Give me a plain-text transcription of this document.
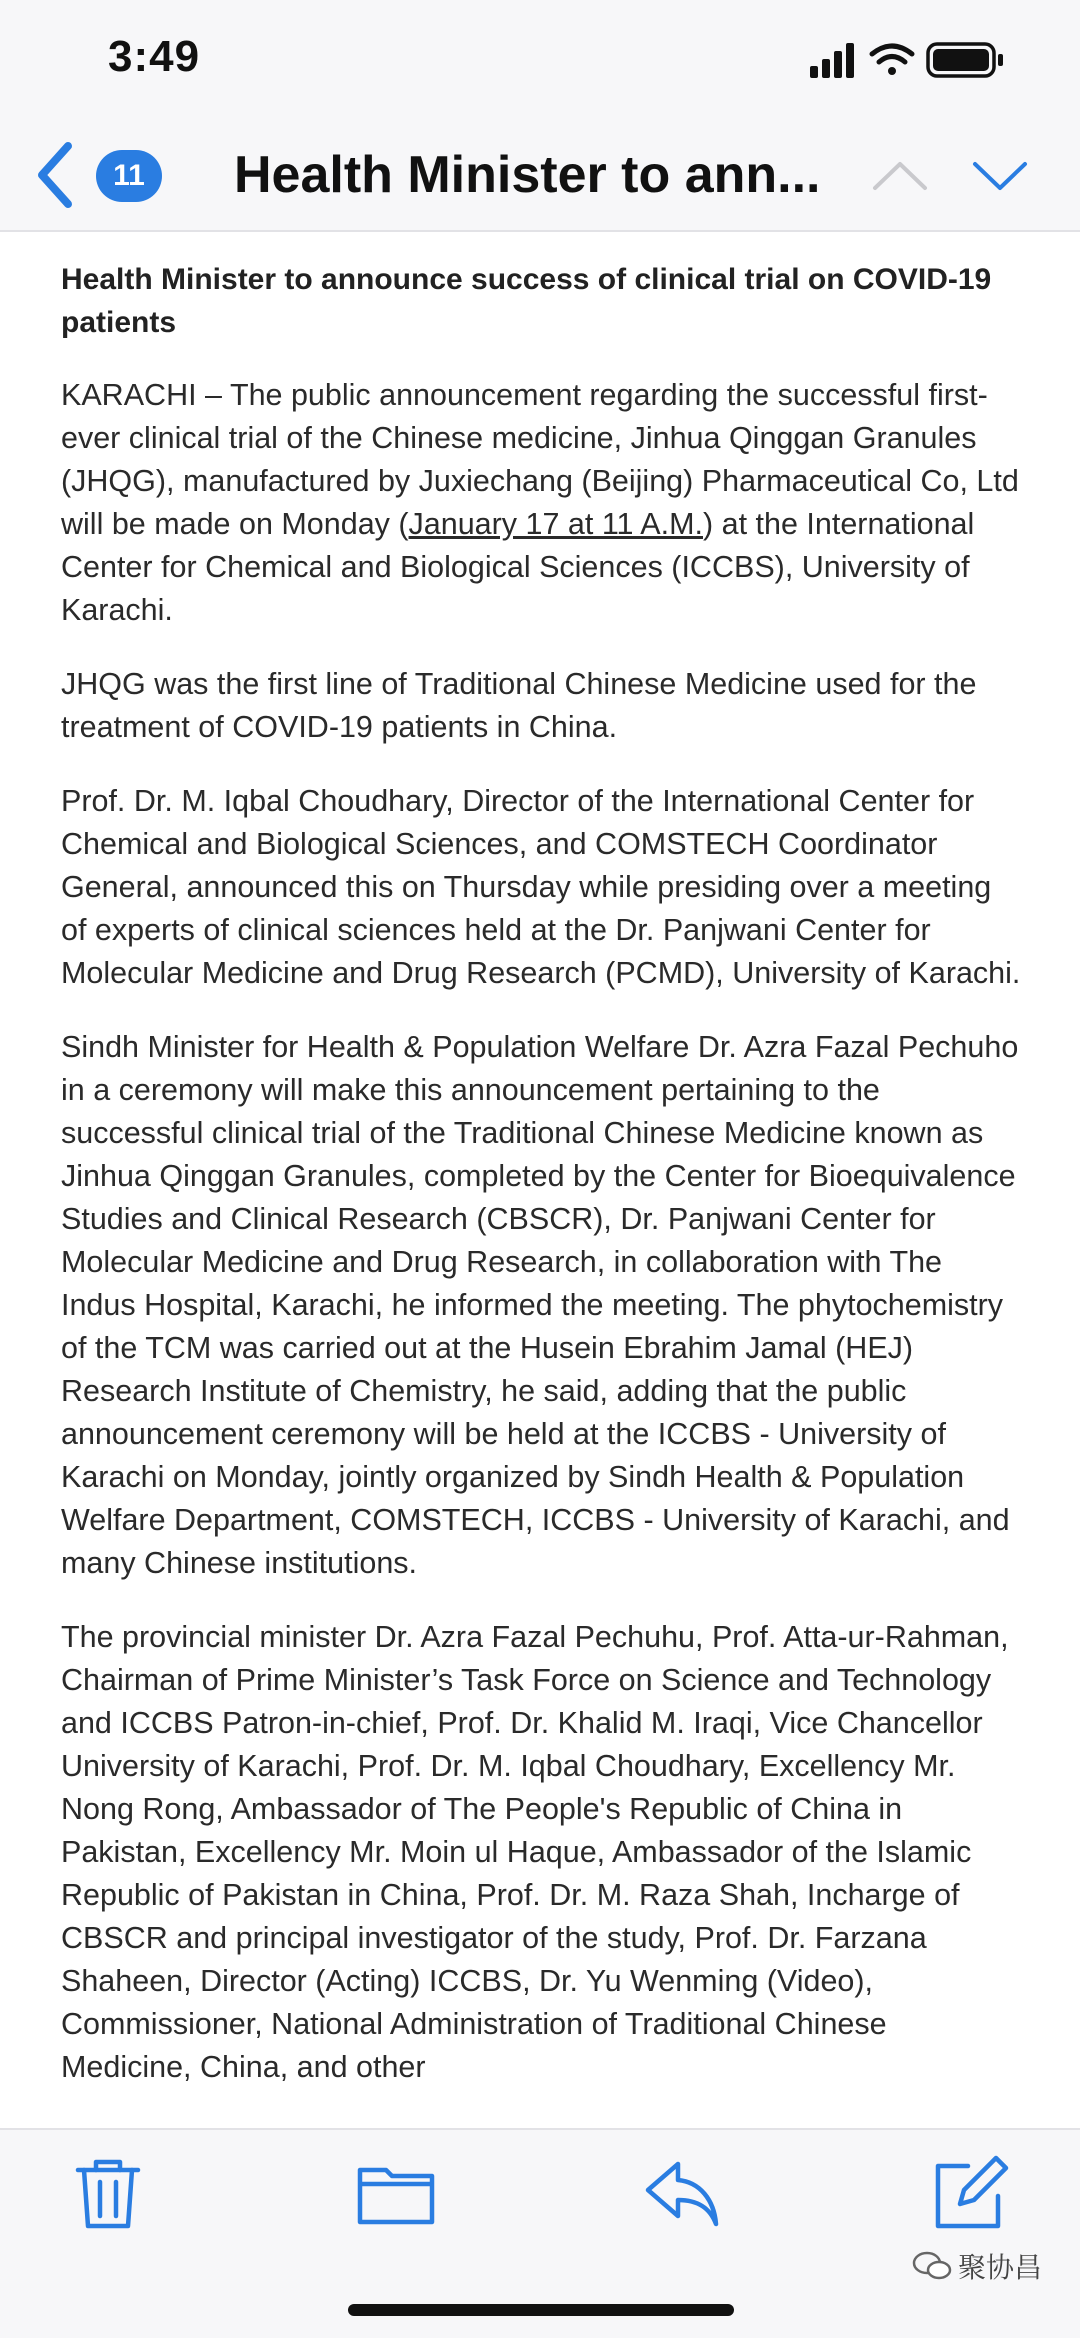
3:49
11	Health Minister to ann...

Health Minister to announce success of clinical trial on COVID-19 patients

KARACHI – The public announcement regarding the successful first-ever clinical trial of the Chinese medicine, Jinhua Qinggan Granules (JHQG), manufactured by Juxiechang (Beijing) Pharmaceutical Co, Ltd will be made on Monday (January 17 at 11 A.M.) at the International Center for Chemical and Biological Sciences (ICCBS), University of Karachi.

JHQG was the first line of Traditional Chinese Medicine used for the treatment of COVID-19 patients in China.

Prof. Dr. M. Iqbal Choudhary, Director of the International Center for Chemical and Biological Sciences, and COMSTECH Coordinator General, announced this on Thursday while presiding over a meeting of experts of clinical sciences held at the Dr. Panjwani Center for Molecular Medicine and Drug Research (PCMD), University of Karachi.

Sindh Minister for Health & Population Welfare Dr. Azra Fazal Pechuho in a ceremony will make this announcement pertaining to the successful clinical trial of the Traditional Chinese Medicine known as Jinhua Qinggan Granules, completed by the Center for Bioequivalence Studies and Clinical Research (CBSCR), Dr. Panjwani Center for Molecular Medicine and Drug Research, in collaboration with The Indus Hospital, Karachi, he informed the meeting. The phytochemistry of the TCM was carried out at the Husein Ebrahim Jamal (HEJ) Research Institute of Chemistry, he said, adding that the public announcement ceremony will be held at the ICCBS - University of Karachi on Monday, jointly organized by Sindh Health & Population Welfare Department, COMSTECH, ICCBS - University of Karachi, and many Chinese institutions.

The provincial minister Dr. Azra Fazal Pechuhu, Prof. Atta-ur-Rahman, Chairman of Prime Minister’s Task Force on Science and Technology and ICCBS Patron-in-chief, Prof. Dr. Khalid M. Iraqi, Vice Chancellor University of Karachi, Prof. Dr. M. Iqbal Choudhary, Excellency Mr. Nong Rong, Ambassador of The People's Republic of China in Pakistan, Excellency Mr. Moin ul Haque, Ambassador of the Islamic Republic of Pakistan in China, Prof. Dr. M. Raza Shah, Incharge of CBSCR and principal investigator of the study, Prof. Dr. Farzana Shaheen, Director (Acting) ICCBS, Dr. Yu Wenming (Video), Commissioner, National Administration of Traditional Chinese Medicine, China, and other

聚协昌
